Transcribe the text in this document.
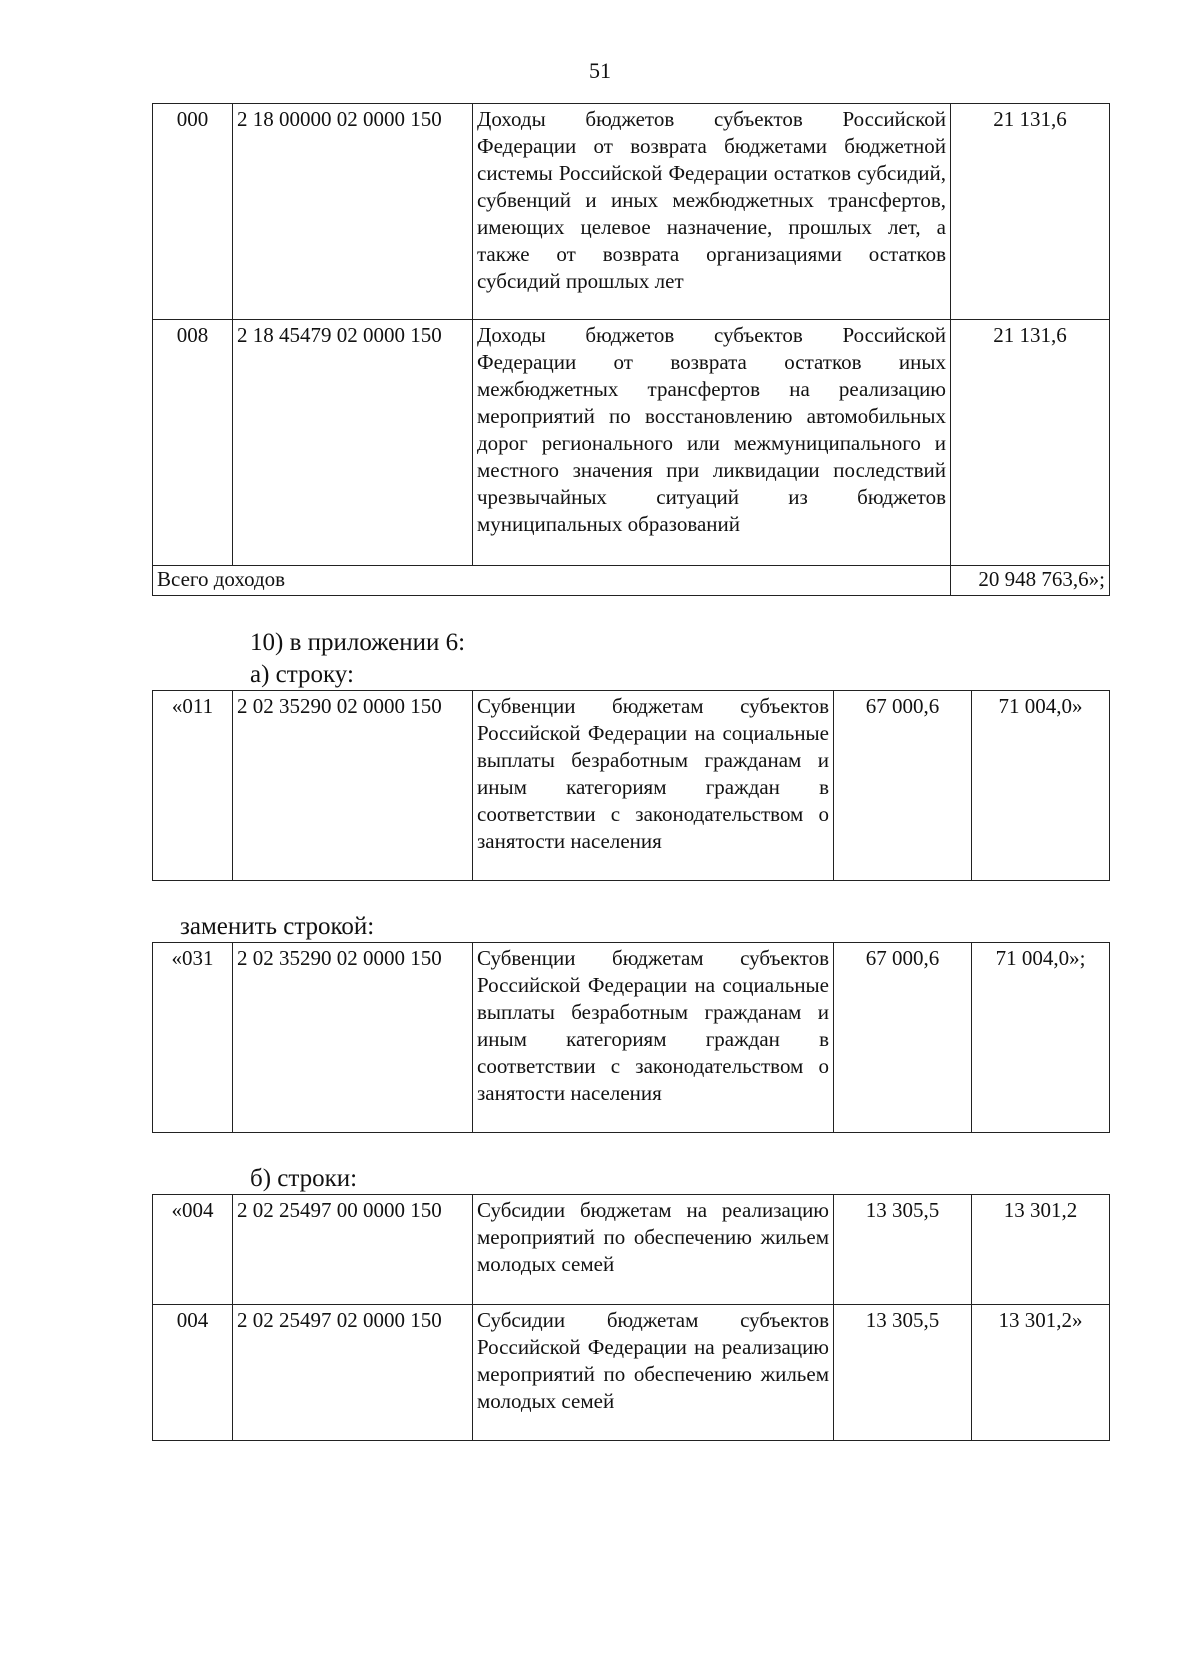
51
000	2 18 00000 02 0000 150	Доходы бюджетов субъектов Российской Федерации от возврата бюджетами бюджетной системы Российской Федерации остатков субсидий, субвенций и иных межбюджетных трансфертов, имеющих целевое назначение, прошлых лет, а также от возврата организациями остатков субсидий прошлых лет	21 131,6
008	2 18 45479 02 0000 150	Доходы бюджетов субъектов Российской Федерации от возврата остатков иных межбюджетных трансфертов на реализацию мероприятий по восстановлению автомобильных дорог регионального или межмуниципального и местного значения при ликвидации последствий чрезвычайных ситуаций из бюджетов муниципальных образований	21 131,6
Всего доходов			20 948 763,6»;
10) в приложении 6:
а) строку:
«011	2 02 35290 02 0000 150	Субвенции бюджетам субъектов Российской Федерации на социальные выплаты безработным гражданам и иным категориям граждан в соответствии с законодательством о занятости населения	67 000,6	71 004,0»
заменить строкой:
«031	2 02 35290 02 0000 150	Субвенции бюджетам субъектов Российской Федерации на социальные выплаты безработным гражданам и иным категориям граждан в соответствии с законодательством о занятости населения	67 000,6	71 004,0»;
б) строки:
«004	2 02 25497 00 0000 150	Субсидии бюджетам на реализацию мероприятий по обеспечению жильем молодых семей	13 305,5	13 301,2
004	2 02 25497 02 0000 150	Субсидии бюджетам субъектов Российской Федерации на реализацию мероприятий по обеспечению жильем молодых семей	13 305,5	13 301,2»
